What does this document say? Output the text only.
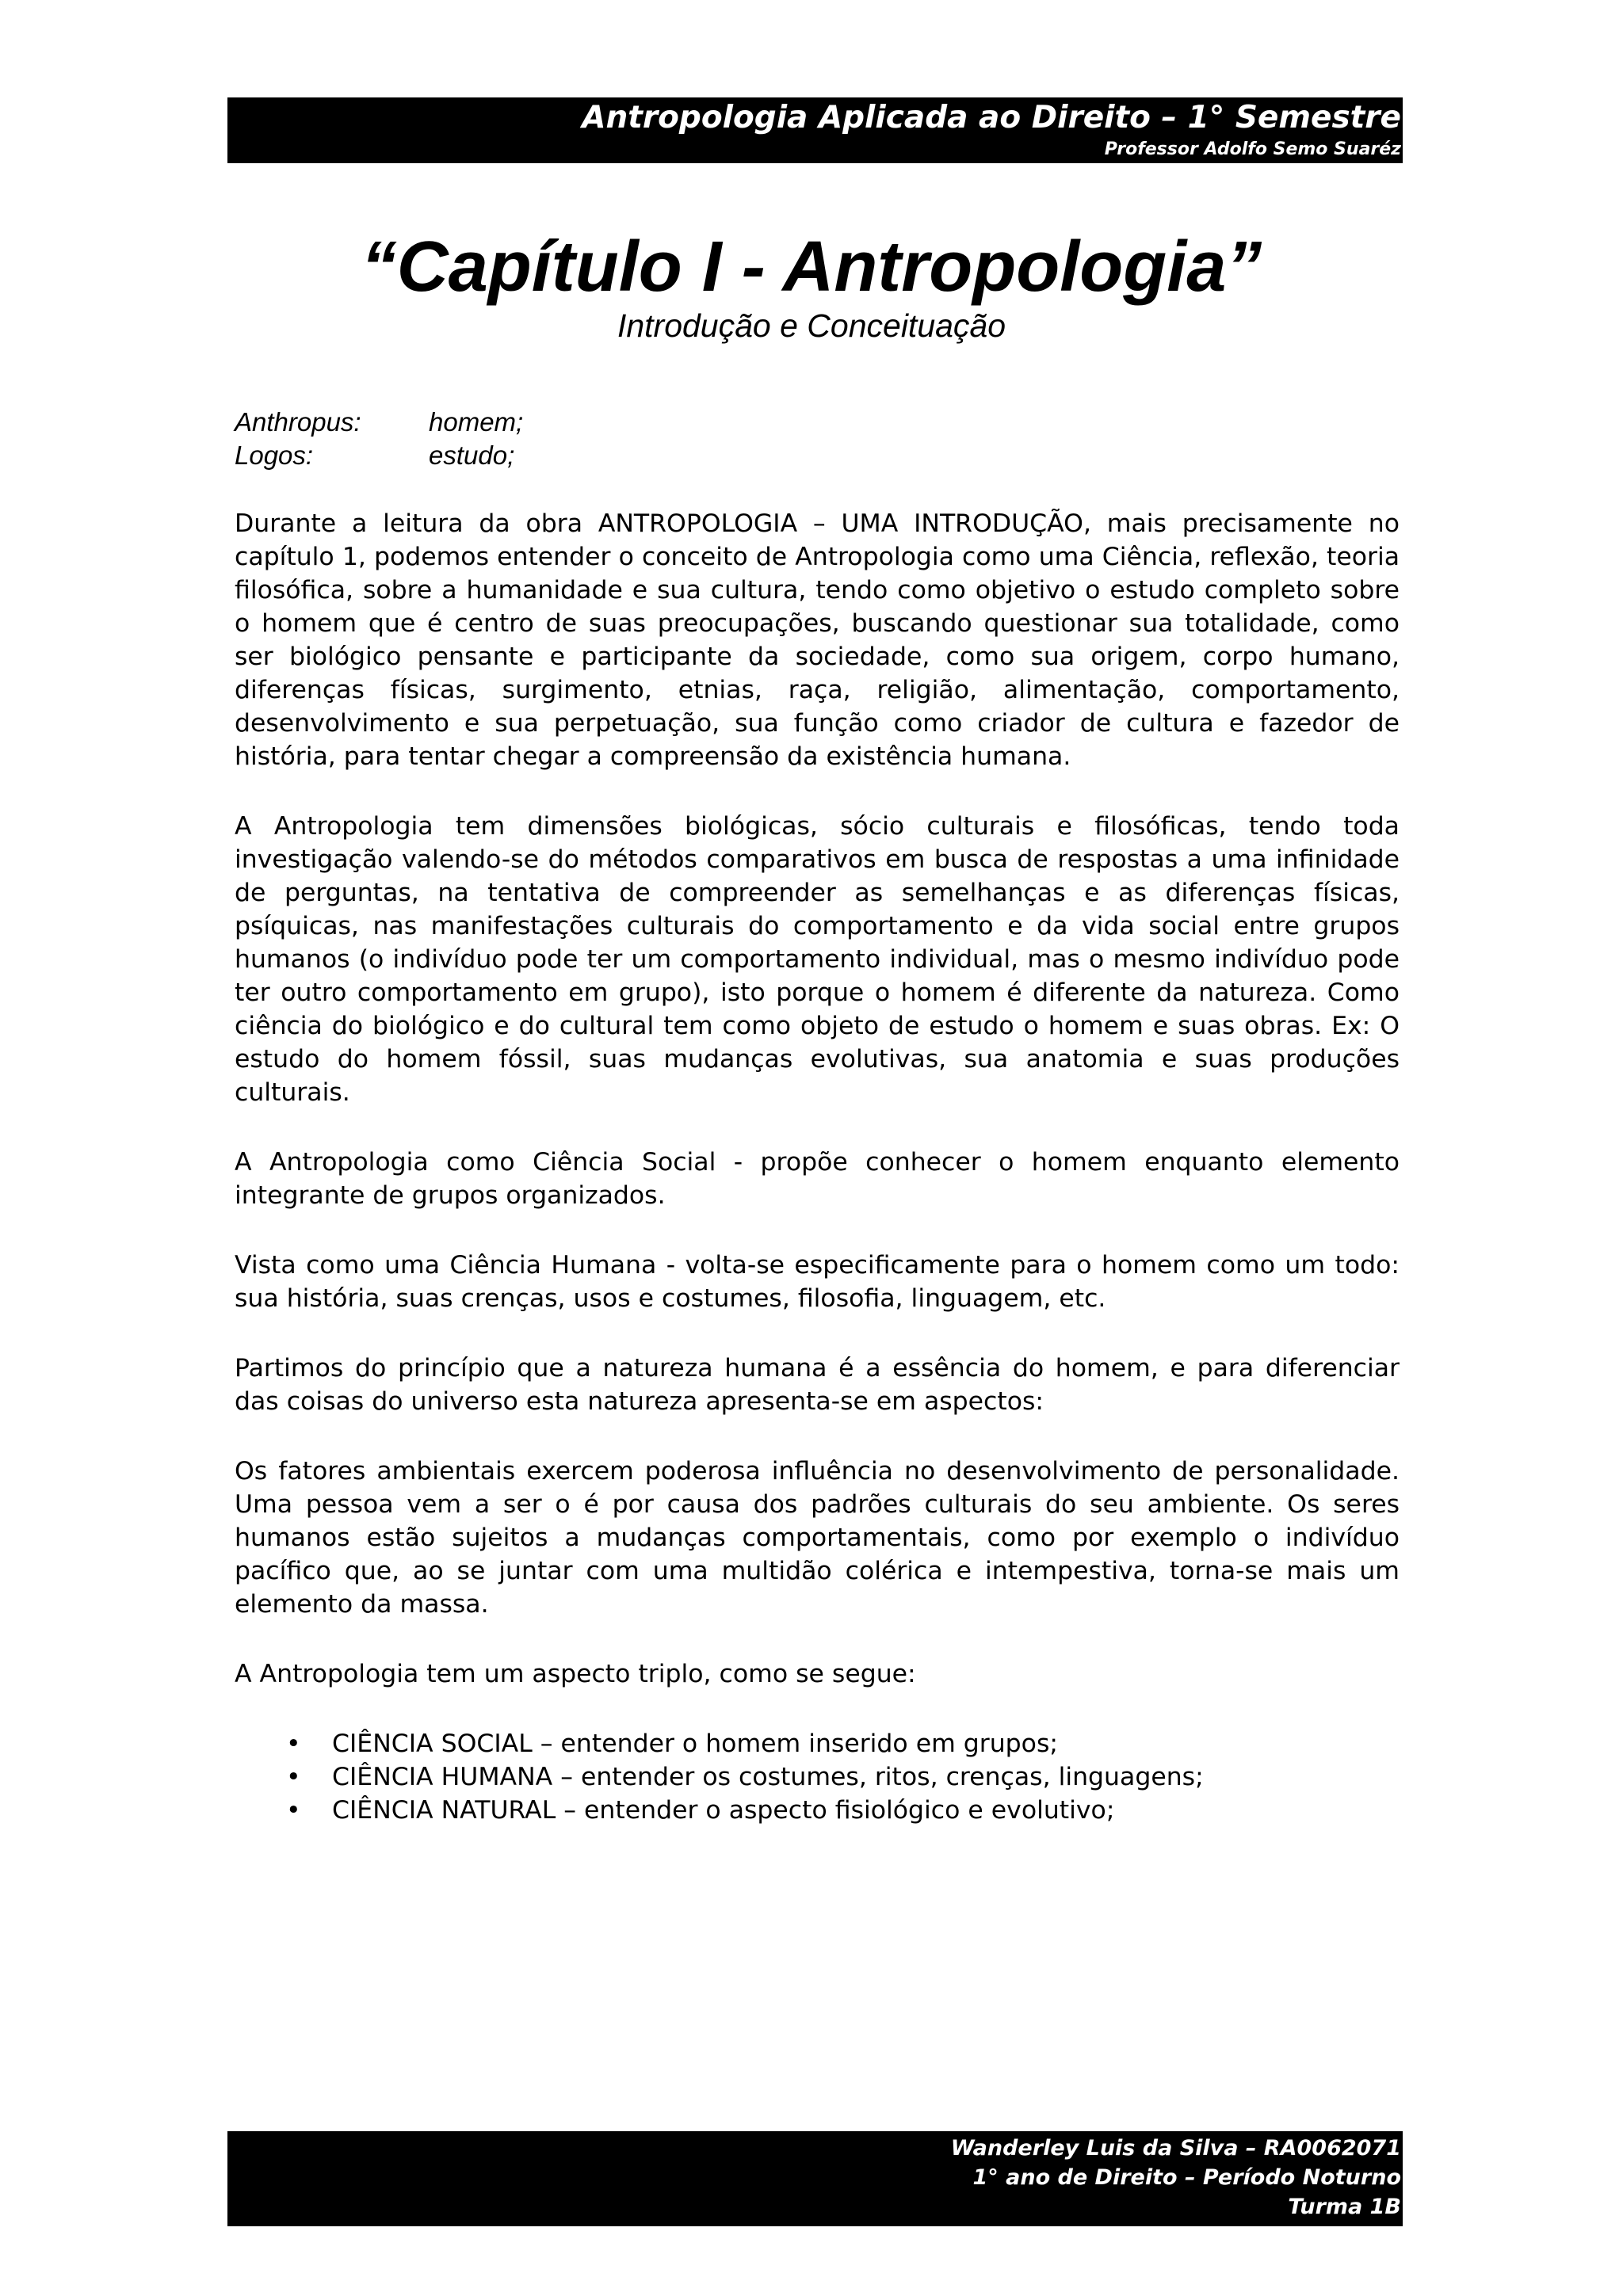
Antropologia Aplicada ao Direito – 1° Semestre
Professor Adolfo Semo Suaréz
“Capítulo I - Antropologia”
Introdução e Conceituação
Anthropus:	homem;
Logos:	estudo;

Durante a leitura da obra ANTROPOLOGIA – UMA INTRODUÇÃO, mais precisamente no capítulo 1, podemos entender o conceito de Antropologia como uma Ciência, reflexão, teoria filosófica, sobre a humanidade e sua cultura, tendo como objetivo o estudo completo sobre o homem que é centro de suas preocupações, buscando questionar sua totalidade, como ser biológico pensante e participante da sociedade, como sua origem, corpo humano, diferenças físicas, surgimento, etnias, raça, religião, alimentação, comportamento, desenvolvimento e sua perpetuação, sua função como criador de cultura e fazedor de história, para tentar chegar a compreensão da existência humana.

A Antropologia tem dimensões biológicas, sócio culturais e filosóficas, tendo toda investigação valendo-se do métodos comparativos em busca de respostas a uma infinidade de perguntas, na tentativa de compreender as semelhanças e as diferenças físicas, psíquicas, nas manifestações culturais do comportamento e da vida social entre grupos humanos (o indivíduo pode ter um comportamento individual, mas o mesmo indivíduo pode ter outro comportamento em grupo), isto porque o homem é diferente da natureza. Como ciência do biológico e do cultural tem como objeto de estudo o homem e suas obras. Ex: O estudo do homem fóssil, suas mudanças evolutivas, sua anatomia e suas produções culturais.

A Antropologia como Ciência Social - propõe conhecer o homem enquanto elemento integrante de grupos organizados.

Vista como uma Ciência Humana - volta-se especificamente para o homem como um todo: sua história, suas crenças, usos e costumes, filosofia, linguagem, etc.

Partimos do princípio que a natureza humana é a essência do homem, e para diferenciar das coisas do universo esta natureza apresenta-se em aspectos:

Os fatores ambientais exercem poderosa influência no desenvolvimento de personalidade. Uma pessoa vem a ser o é por causa dos padrões culturais do seu ambiente. Os seres humanos estão sujeitos a mudanças comportamentais, como por exemplo o indivíduo pacífico que, ao se juntar com uma multidão colérica e intempestiva, torna-se mais um elemento da massa.

A Antropologia tem um aspecto triplo, como se segue:

• CIÊNCIA SOCIAL – entender o homem inserido em grupos;
• CIÊNCIA HUMANA – entender os costumes, ritos, crenças, linguagens;
• CIÊNCIA NATURAL – entender o aspecto fisiológico e evolutivo;
Wanderley Luis da Silva – RA0062071
1° ano de Direito – Período Noturno
Turma 1B
